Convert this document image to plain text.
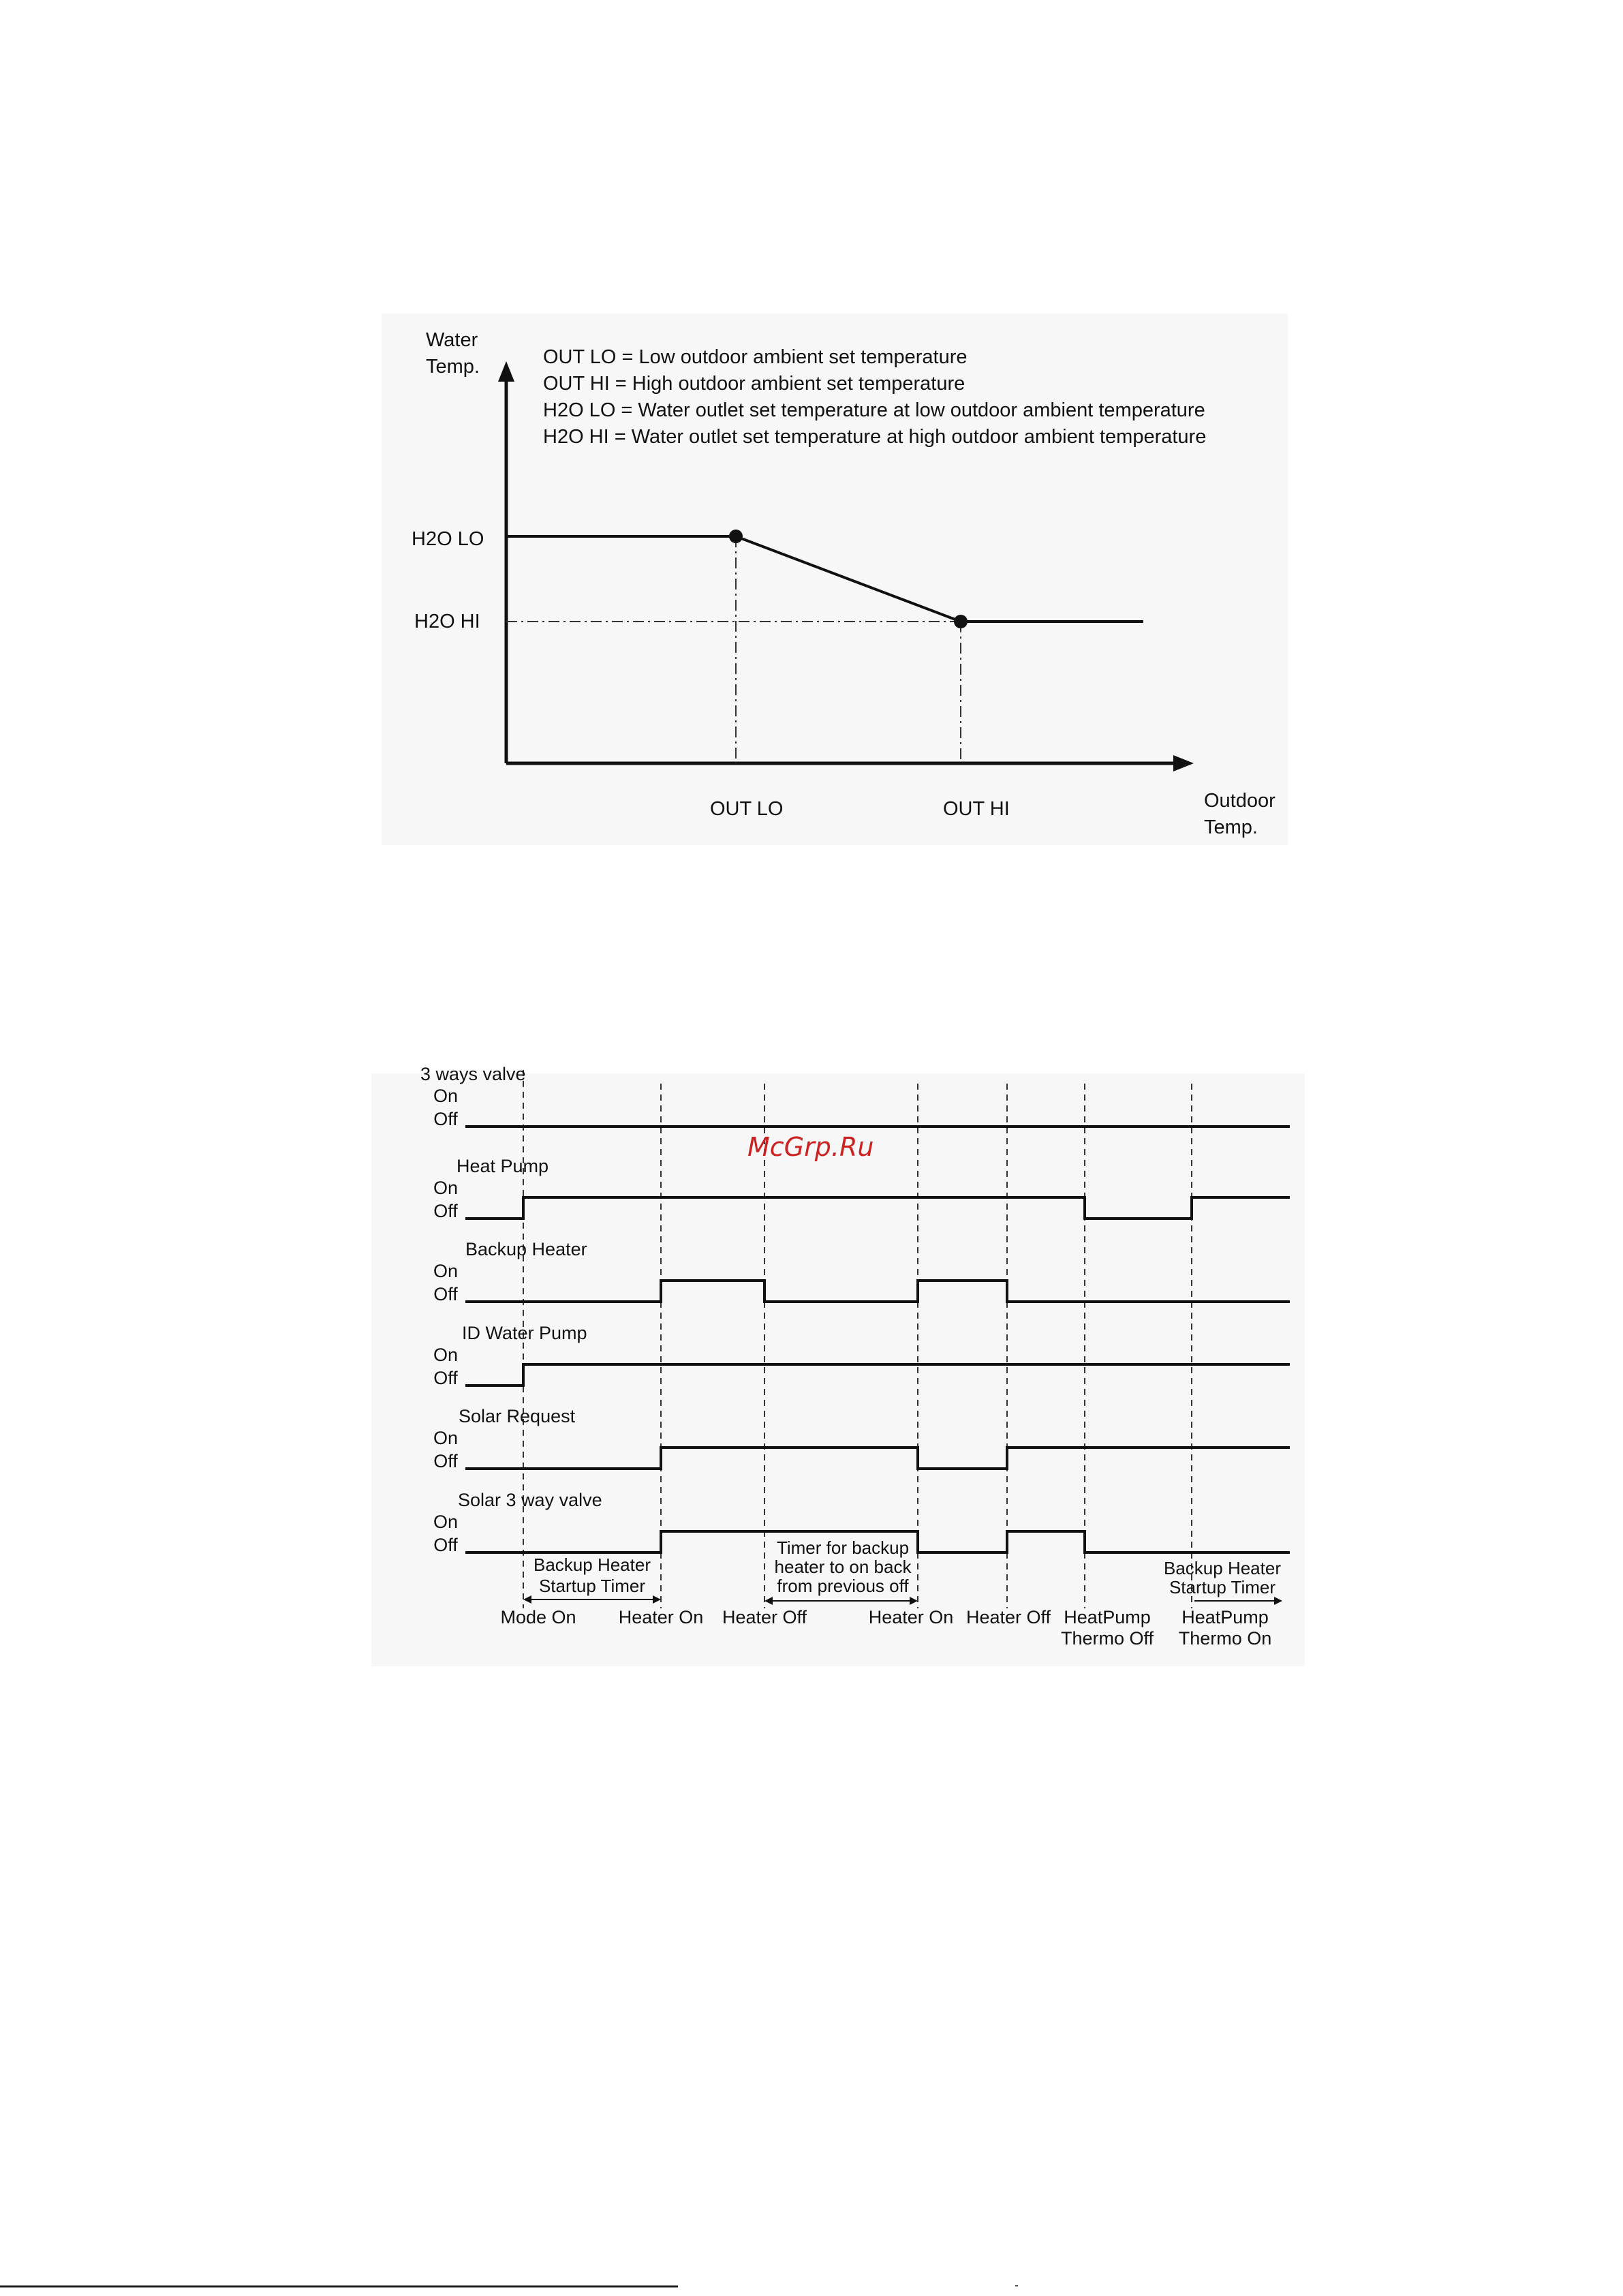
Water
Temp.
Outdoor
Temp.
OUT LO = Low outdoor ambient set temperature
OUT HI = High outdoor ambient set temperature
H2O LO = Water outlet set temperature at low outdoor ambient temperature
H2O HI = Water outlet set temperature at high outdoor ambient temperature
H2O LO
H2O HI
OUT LO	OUT HI
3 ways valve
On
Off
Heat Pump
On
Off
Backup Heater
On
Off
ID Water Pump
On
Off
Solar Request
On
Off
Solar 3 way valve
On
Off
Backup Heater
Startup Timer
Timer for backup
heater to on back
from previous off
Backup Heater
Startup Timer
Mode On Heater On Heater Off	Heater On Heater Off HeatPump
Thermo Off
HeatPump
Thermo On
McGrp.Ru
